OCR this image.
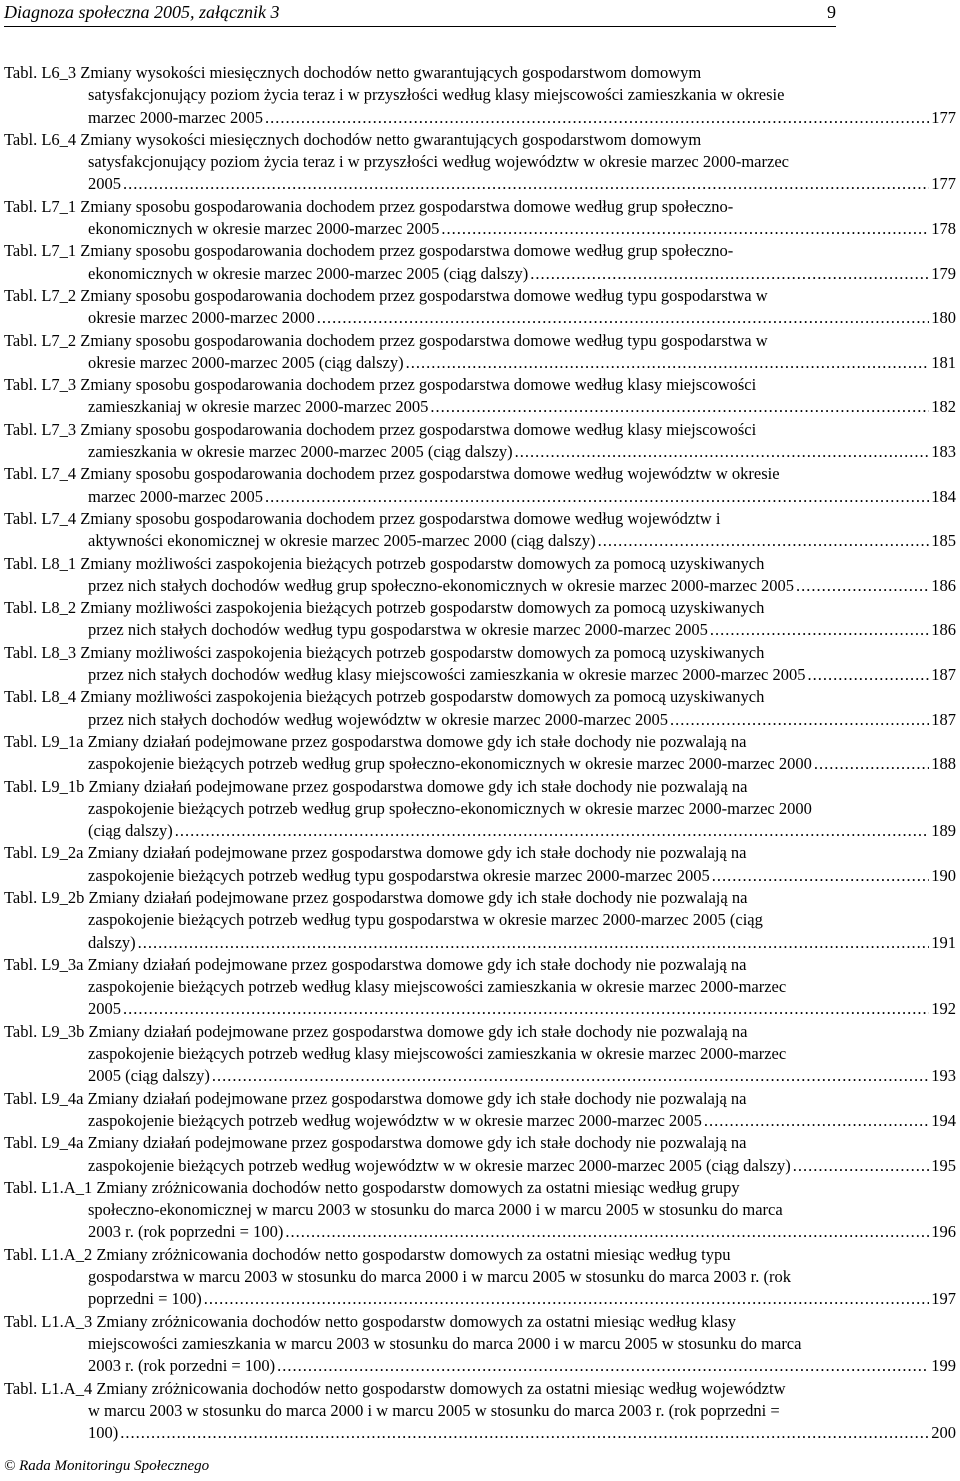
Diagnoza społeczna 2005, załącznik 3	9
Tabl. L6_3 Zmiany wysokości miesięcznych dochodów netto gwarantujących gospodarstwom domowym
satysfakcjonujący poziom życia teraz i w przyszłości według klasy miejscowości zamieszkania w okresie
marzec 2000-marzec 2005 .....	177
Tabl. L6_4 Zmiany wysokości miesięcznych dochodów netto gwarantujących gospodarstwom domowym
satysfakcjonujący poziom życia teraz i w przyszłości według województw w okresie marzec 2000-marzec
2005 .....	177
Tabl. L7_1 Zmiany sposobu gospodarowania dochodem przez gospodarstwa domowe według grup społeczno-
ekonomicznych w okresie marzec 2000-marzec 2005 .....	178
Tabl. L7_1 Zmiany sposobu gospodarowania dochodem przez gospodarstwa domowe według grup społeczno-
ekonomicznych w okresie marzec 2000-marzec 2005 (ciąg dalszy) .....	179
Tabl. L7_2 Zmiany sposobu gospodarowania dochodem przez gospodarstwa domowe według typu gospodarstwa w
okresie marzec 2000-marzec 2000 .....	180
Tabl. L7_2 Zmiany sposobu gospodarowania dochodem przez gospodarstwa domowe według typu gospodarstwa w
okresie marzec 2000-marzec 2005 (ciąg dalszy) .....	181
Tabl. L7_3 Zmiany sposobu gospodarowania dochodem przez gospodarstwa domowe według klasy miejscowości
zamieszkaniaj w okresie marzec 2000-marzec 2005 .....	182
Tabl. L7_3 Zmiany sposobu gospodarowania dochodem przez gospodarstwa domowe według klasy miejscowości
zamieszkania w okresie marzec 2000-marzec 2005 (ciąg dalszy) .....	183
Tabl. L7_4 Zmiany sposobu gospodarowania dochodem przez gospodarstwa domowe według województw w okresie
marzec 2000-marzec 2005 .....	184
Tabl. L7_4 Zmiany sposobu gospodarowania dochodem przez gospodarstwa domowe według województw i
aktywności ekonomicznej w okresie marzec 2005-marzec 2000 (ciąg dalszy) .....	185
Tabl. L8_1 Zmiany możliwości zaspokojenia bieżących potrzeb gospodarstw domowych za pomocą uzyskiwanych
przez nich stałych dochodów według grup społeczno-ekonomicznych w okresie marzec 2000-marzec 2005 .....	186
Tabl. L8_2 Zmiany możliwości zaspokojenia bieżących potrzeb gospodarstw domowych za pomocą uzyskiwanych
przez nich stałych dochodów według typu gospodarstwa w okresie marzec 2000-marzec 2005 .....	186
Tabl. L8_3 Zmiany możliwości zaspokojenia bieżących potrzeb gospodarstw domowych za pomocą uzyskiwanych
przez nich stałych dochodów według klasy miejscowości zamieszkania w okresie marzec 2000-marzec 2005 .....	187
Tabl. L8_4 Zmiany możliwości zaspokojenia bieżących potrzeb gospodarstw domowych za pomocą uzyskiwanych
przez nich stałych dochodów według województw w okresie marzec 2000-marzec 2005 .....	187
Tabl. L9_1a Zmiany działań podejmowane przez gospodarstwa domowe gdy ich stałe dochody nie pozwalają na
zaspokojenie bieżących potrzeb według grup społeczno-ekonomicznych w okresie marzec 2000-marzec 2000 .....	188
Tabl. L9_1b Zmiany działań podejmowane przez gospodarstwa domowe gdy ich stałe dochody nie pozwalają na
zaspokojenie bieżących potrzeb według grup społeczno-ekonomicznych w okresie marzec 2000-marzec 2000
(ciąg dalszy) .....	189
Tabl. L9_2a Zmiany działań podejmowane przez gospodarstwa domowe gdy ich stałe dochody nie pozwalają na
zaspokojenie bieżących potrzeb według typu gospodarstwa okresie marzec 2000-marzec 2005 .....	190
Tabl. L9_2b Zmiany działań podejmowane przez gospodarstwa domowe gdy ich stałe dochody nie pozwalają na
zaspokojenie bieżących potrzeb według typu gospodarstwa w okresie marzec 2000-marzec 2005 (ciąg
dalszy) .....	191
Tabl. L9_3a Zmiany działań podejmowane przez gospodarstwa domowe gdy ich stałe dochody nie pozwalają na
zaspokojenie bieżących potrzeb według klasy miejscowości zamieszkania w okresie marzec 2000-marzec
2005 .....	192
Tabl. L9_3b Zmiany działań podejmowane przez gospodarstwa domowe gdy ich stałe dochody nie pozwalają na
zaspokojenie bieżących potrzeb według klasy miejscowości zamieszkania w okresie marzec 2000-marzec
2005 (ciąg dalszy) .....	193
Tabl. L9_4a Zmiany działań podejmowane przez gospodarstwa domowe gdy ich stałe dochody nie pozwalają na
zaspokojenie bieżących potrzeb według województw w w okresie marzec 2000-marzec 2005 .....	194
Tabl. L9_4a Zmiany działań podejmowane przez gospodarstwa domowe gdy ich stałe dochody nie pozwalają na
zaspokojenie bieżących potrzeb według województw w w okresie marzec 2000-marzec 2005 (ciąg dalszy) .....	195
Tabl. L1.A_1 Zmiany zróżnicowania dochodów netto gospodarstw domowych za ostatni miesiąc według grupy
społeczno-ekonomicznej w marcu 2003 w stosunku do marca 2000 i w marcu 2005 w stosunku do marca
2003 r. (rok poprzedni = 100) .....	196
Tabl. L1.A_2 Zmiany zróżnicowania dochodów netto gospodarstw domowych za ostatni miesiąc według typu
gospodarstwa w marcu 2003 w stosunku do marca 2000 i w marcu 2005 w stosunku do marca 2003 r. (rok
poprzedni = 100) .....	197
Tabl. L1.A_3 Zmiany zróżnicowania dochodów netto gospodarstw domowych za ostatni miesiąc według klasy
miejscowości zamieszkania w marcu 2003 w stosunku do marca 2000 i w marcu 2005 w stosunku do marca
2003 r. (rok porzedni = 100) .....	199
Tabl. L1.A_4 Zmiany zróżnicowania dochodów netto gospodarstw domowych za ostatni miesiąc według województw
w marcu 2003 w stosunku do marca 2000 i w marcu 2005 w stosunku do marca 2003 r. (rok poprzedni =
100) .....	200
© Rada Monitoringu Społecznego
